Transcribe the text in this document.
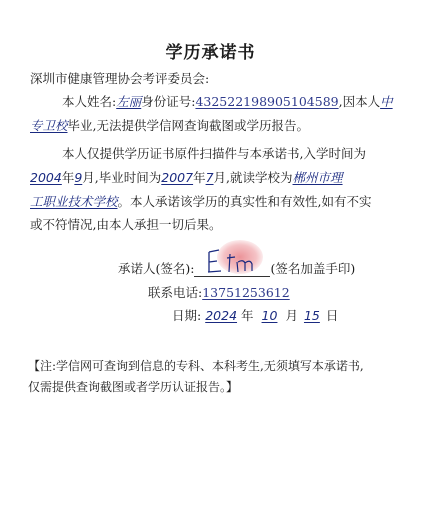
学历承诺书
深圳市健康管理协会考评委员会:
本人姓名:左丽身份证号:432522198905104589,因本人中
专卫校毕业,无法提供学信网查询截图或学历报告。
本人仅提供学历证书原件扫描件与本承诺书,入学时间为
2004年9月,毕业时间为2007年7月,就读学校为郴州市理
工职业技术学校。本人承诺该学历的真实性和有效性,如有不实
或不符情况,由本人承担一切后果。
承诺人(签名):	(签名加盖手印)
联系电话:13751253612
日期: 2024 年 10 月 15 日
【注:学信网可查询到信息的专科、本科考生,无须填写本承诺书,
仅需提供查询截图或者学历认证报告。】
